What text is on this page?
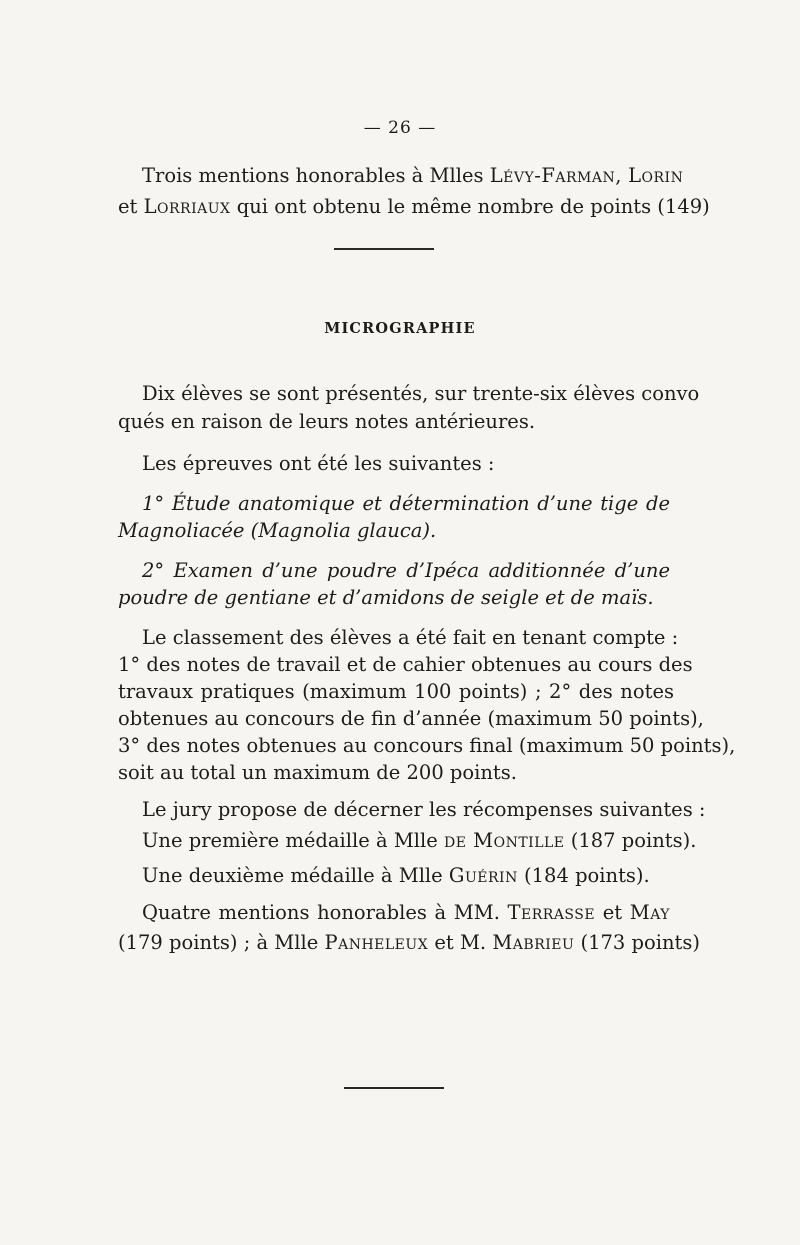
— 26 —
Trois mentions honorables à Mlles Lévy-Farman, Lorin
et Lorriaux qui ont obtenu le même nombre de points (149)
MICROGRAPHIE
Dix élèves se sont présentés, sur trente-six élèves convo
qués en raison de leurs notes antérieures.
Les épreuves ont été les suivantes :
1° Étude anatomique et détermination d’une tige de
Magnoliacée (Magnolia glauca).
2° Examen d’une poudre d’Ipéca additionnée d’une
poudre de gentiane et d’amidons de seigle et de maïs.
Le classement des élèves a été fait en tenant compte :
1° des notes de travail et de cahier obtenues au cours des
travaux pratiques (maximum 100 points) ; 2° des notes
obtenues au concours de fin d’année (maximum 50 points),
3° des notes obtenues au concours final (maximum 50 points),
soit au total un maximum de 200 points.
Le jury propose de décerner les récompenses suivantes :
Une première médaille à Mlle de Montille (187 points).
Une deuxième médaille à Mlle Guérin (184 points).
Quatre mentions honorables à MM. Terrasse et May
(179 points) ; à Mlle Panheleux et M. Mabrieu (173 points)
